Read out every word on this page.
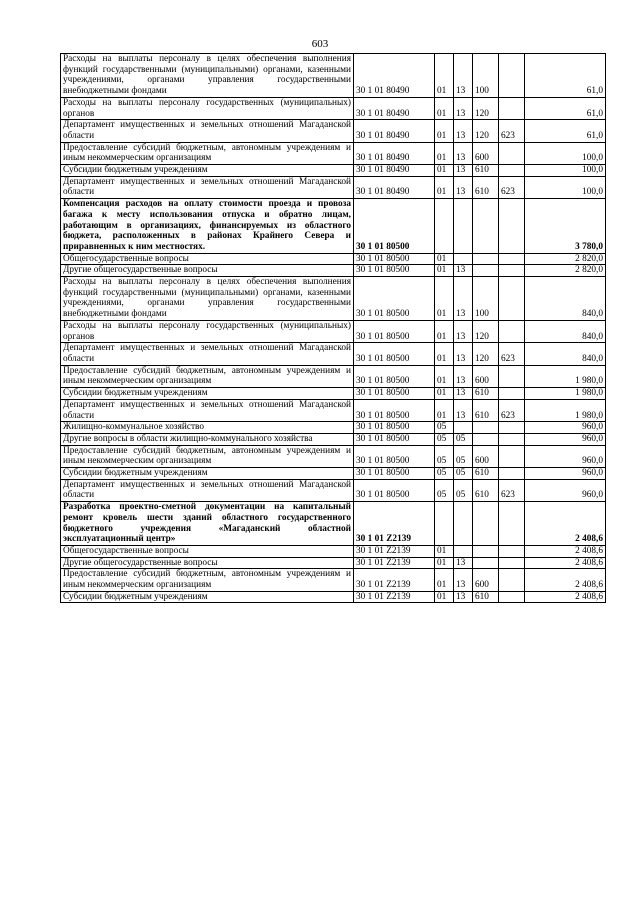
603
Расходы на выплаты персоналу в целях обеспечения выполнения функций государственными (муниципальными) органами, казенными учреждениями, органами управления государственными внебюджетными фондами	30 1 01 80490	01	13	100		61,0
Расходы на выплаты персоналу государственных (муниципальных) органов	30 1 01 80490	01	13	120		61,0
Департамент имущественных и земельных отношений Магаданской области	30 1 01 80490	01	13	120	623	61,0
Предоставление субсидий бюджетным, автономным учреждениям и иным некоммерческим организациям	30 1 01 80490	01	13	600		100,0
Субсидии бюджетным учреждениям	30 1 01 80490	01	13	610		100,0
Департамент имущественных и земельных отношений Магаданской области	30 1 01 80490	01	13	610	623	100,0
Компенсация расходов на оплату стоимости проезда и провоза багажа к месту использования отпуска и обратно лицам, работающим в организациях, финансируемых из областного бюджета, расположенных в районах Крайнего Севера и приравненных к ним местностях.	30 1 01 80500					3 780,0
Общегосударственные вопросы	30 1 01 80500	01				2 820,0
Другие общегосударственные вопросы	30 1 01 80500	01	13			2 820,0
Расходы на выплаты персоналу в целях обеспечения выполнения функций государственными (муниципальными) органами, казенными учреждениями, органами управления государственными внебюджетными фондами	30 1 01 80500	01	13	100		840,0
Расходы на выплаты персоналу государственных (муниципальных) органов	30 1 01 80500	01	13	120		840,0
Департамент имущественных и земельных отношений Магаданской области	30 1 01 80500	01	13	120	623	840,0
Предоставление субсидий бюджетным, автономным учреждениям и иным некоммерческим организациям	30 1 01 80500	01	13	600		1 980,0
Субсидии бюджетным учреждениям	30 1 01 80500	01	13	610		1 980,0
Департамент имущественных и земельных отношений Магаданской области	30 1 01 80500	01	13	610	623	1 980,0
Жилищно-коммунальное хозяйство	30 1 01 80500	05				960,0
Другие вопросы в области жилищно-коммунального хозяйства	30 1 01 80500	05	05			960,0
Предоставление субсидий бюджетным, автономным учреждениям и иным некоммерческим организациям	30 1 01 80500	05	05	600		960,0
Субсидии бюджетным учреждениям	30 1 01 80500	05	05	610		960,0
Департамент имущественных и земельных отношений Магаданской области	30 1 01 80500	05	05	610	623	960,0
Разработка проектно-сметной документации на капитальный ремонт кровель шести зданий областного государственного бюджетного учреждения «Магаданский областной эксплуатационный центр»	30 1 01 Z2139					2 408,6
Общегосударственные вопросы	30 1 01 Z2139	01				2 408,6
Другие общегосударственные вопросы	30 1 01 Z2139	01	13			2 408,6
Предоставление субсидий бюджетным, автономным учреждениям и иным некоммерческим организациям	30 1 01 Z2139	01	13	600		2 408,6
Субсидии бюджетным учреждениям	30 1 01 Z2139	01	13	610		2 408,6
